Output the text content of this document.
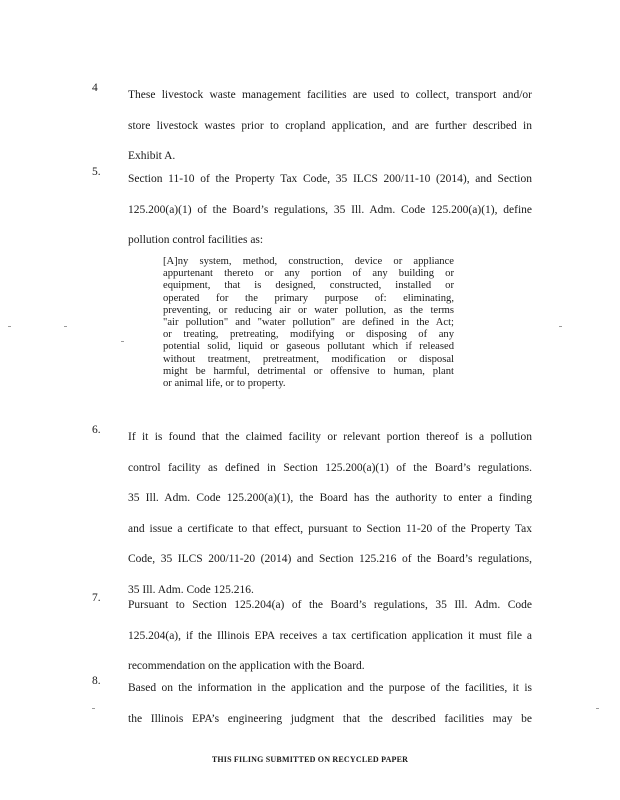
4
These livestock waste management facilities are used to collect, transport and/or
store livestock wastes prior to cropland application, and are further described in
Exhibit A.
5.
Section 11-10 of the Property Tax Code, 35 ILCS 200/11-10 (2014), and Section
125.200(a)(1) of the Board’s regulations, 35 Ill. Adm. Code 125.200(a)(1), define
pollution control facilities as:
[A]ny system, method, construction, device or appliance
appurtenant thereto or any portion of any building or
equipment, that is designed, constructed, installed or
operated for the primary purpose of: eliminating,
preventing, or reducing air or water pollution, as the terms
"air pollution" and "water pollution" are defined in the Act;
or treating, pretreating, modifying or disposing of any
potential solid, liquid or gaseous pollutant which if released
without treatment, pretreatment, modification or disposal
might be harmful, detrimental or offensive to human, plant
or animal life, or to property.
6.
If it is found that the claimed facility or relevant portion thereof is a pollution
control facility as defined in Section 125.200(a)(1) of the Board’s regulations.
35 Ill. Adm. Code 125.200(a)(1), the Board has the authority to enter a finding
and issue a certificate to that effect, pursuant to Section 11-20 of the Property Tax
Code, 35 ILCS 200/11-20 (2014) and Section 125.216 of the Board’s regulations,
35 Ill. Adm. Code 125.216.
7.
Pursuant to Section 125.204(a) of the Board’s regulations, 35 Ill. Adm. Code
125.204(a), if the Illinois EPA receives a tax certification application it must file a
recommendation on the application with the Board.
8.
Based on the information in the application and the purpose of the facilities, it is
the Illinois EPA’s engineering judgment that the described facilities may be
THIS FILING SUBMITTED ON RECYCLED PAPER
